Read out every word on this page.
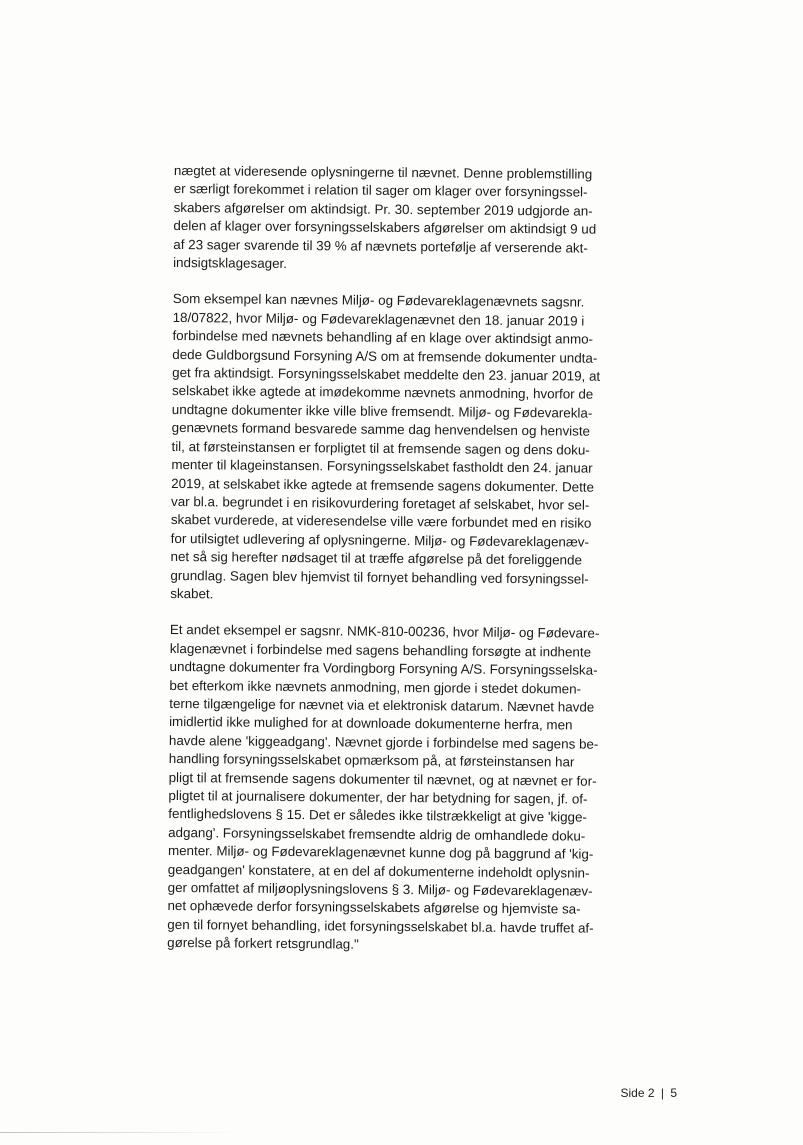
nægtet at videresende oplysningerne til nævnet. Denne problemstilling
er særligt forekommet i relation til sager om klager over forsyningssel-
skabers afgørelser om aktindsigt. Pr. 30. september 2019 udgjorde an-
delen af klager over forsyningsselskabers afgørelser om aktindsigt 9 ud
af 23 sager svarende til 39 % af nævnets portefølje af verserende akt-
indsigtsklagesager.

Som eksempel kan nævnes Miljø- og Fødevareklagenævnets sagsnr.
18/07822, hvor Miljø- og Fødevareklagenævnet den 18. januar 2019 i
forbindelse med nævnets behandling af en klage over aktindsigt anmo-
dede Guldborgsund Forsyning A/S om at fremsende dokumenter undta-
get fra aktindsigt. Forsyningsselskabet meddelte den 23. januar 2019, at
selskabet ikke agtede at imødekomme nævnets anmodning, hvorfor de
undtagne dokumenter ikke ville blive fremsendt. Miljø- og Fødevarekla-
genævnets formand besvarede samme dag henvendelsen og henviste
til, at førsteinstansen er forpligtet til at fremsende sagen og dens doku-
menter til klageinstansen. Forsyningsselskabet fastholdt den 24. januar
2019, at selskabet ikke agtede at fremsende sagens dokumenter. Dette
var bl.a. begrundet i en risikovurdering foretaget af selskabet, hvor sel-
skabet vurderede, at videresendelse ville være forbundet med en risiko
for utilsigtet udlevering af oplysningerne. Miljø- og Fødevareklagenæv-
net så sig herefter nødsaget til at træffe afgørelse på det foreliggende
grundlag. Sagen blev hjemvist til fornyet behandling ved forsyningssel-
skabet.

Et andet eksempel er sagsnr. NMK-810-00236, hvor Miljø- og Fødevare-
klagenævnet i forbindelse med sagens behandling forsøgte at indhente
undtagne dokumenter fra Vordingborg Forsyning A/S. Forsyningsselska-
bet efterkom ikke nævnets anmodning, men gjorde i stedet dokumen-
terne tilgængelige for nævnet via et elektronisk datarum. Nævnet havde
imidlertid ikke mulighed for at downloade dokumenterne herfra, men
havde alene 'kiggeadgang'. Nævnet gjorde i forbindelse med sagens be-
handling forsyningsselskabet opmærksom på, at førsteinstansen har
pligt til at fremsende sagens dokumenter til nævnet, og at nævnet er for-
pligtet til at journalisere dokumenter, der har betydning for sagen, jf. of-
fentlighedslovens § 15. Det er således ikke tilstrækkeligt at give 'kigge-
adgang'. Forsyningsselskabet fremsendte aldrig de omhandlede doku-
menter. Miljø- og Fødevareklagenævnet kunne dog på baggrund af 'kig-
geadgangen' konstatere, at en del af dokumenterne indeholdt oplysnin-
ger omfattet af miljøoplysningslovens § 3. Miljø- og Fødevareklagenæv-
net ophævede derfor forsyningsselskabets afgørelse og hjemviste sa-
gen til fornyet behandling, idet forsyningsselskabet bl.a. havde truffet af-
gørelse på forkert retsgrundlag."

Side 2 | 5
